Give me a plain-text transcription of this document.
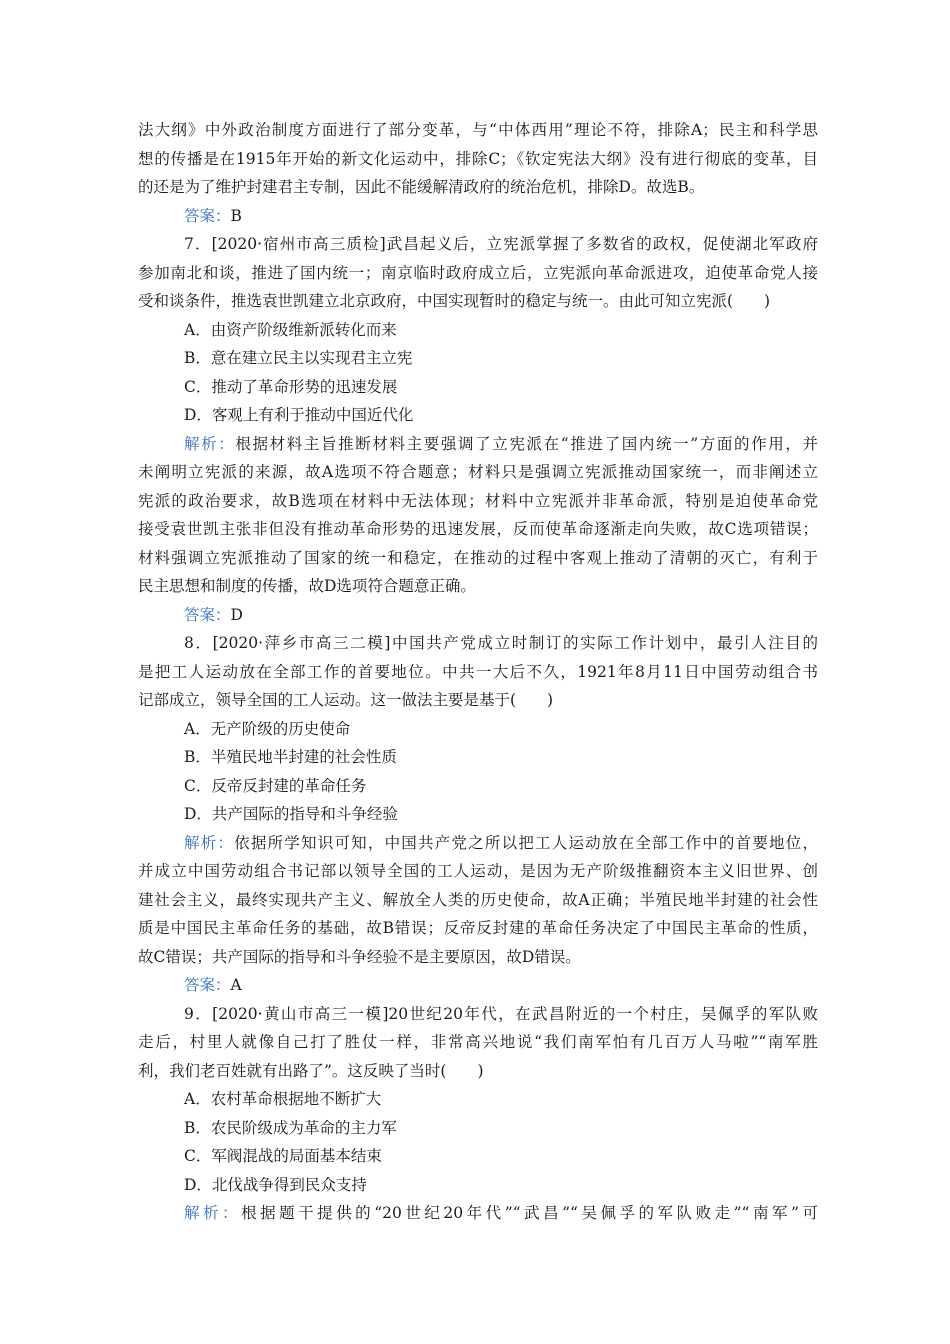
法大纲》中外政治制度方面进行了部分变革，与“中体西用”理论不符，排除A；民主和科学思
想的传播是在1915年开始的新文化运动中，排除C；《钦定宪法大纲》没有进行彻底的变革，目
的还是为了维护封建君主专制，因此不能缓解清政府的统治危机，排除D。故选B。
答案：B
7．[2020·宿州市高三质检]武昌起义后，立宪派掌握了多数省的政权，促使湖北军政府
参加南北和谈，推进了国内统一；南京临时政府成立后，立宪派向革命派进攻，迫使革命党人接
受和谈条件，推选袁世凯建立北京政府，中国实现暂时的稳定与统一。由此可知立宪派(　　)
A．由资产阶级维新派转化而来
B．意在建立民主以实现君主立宪
C．推动了革命形势的迅速发展
D．客观上有利于推动中国近代化
解析：根据材料主旨推断材料主要强调了立宪派在“推进了国内统一”方面的作用，并
未阐明立宪派的来源，故A选项不符合题意；材料只是强调立宪派推动国家统一，而非阐述立
宪派的政治要求，故B选项在材料中无法体现；材料中立宪派并非革命派，特别是迫使革命党
接受袁世凯主张非但没有推动革命形势的迅速发展，反而使革命逐渐走向失败，故C选项错误；
材料强调立宪派推动了国家的统一和稳定，在推动的过程中客观上推动了清朝的灭亡，有利于
民主思想和制度的传播，故D选项符合题意正确。
答案：D
8．[2020·萍乡市高三二模]中国共产党成立时制订的实际工作计划中，最引人注目的
是把工人运动放在全部工作的首要地位。中共一大后不久，1921年8月11日中国劳动组合书
记部成立，领导全国的工人运动。这一做法主要是基于(　　)
A．无产阶级的历史使命
B．半殖民地半封建的社会性质
C．反帝反封建的革命任务
D．共产国际的指导和斗争经验
解析：依据所学知识可知，中国共产党之所以把工人运动放在全部工作中的首要地位，
并成立中国劳动组合书记部以领导全国的工人运动，是因为无产阶级推翻资本主义旧世界、创
建社会主义，最终实现共产主义、解放全人类的历史使命，故A正确；半殖民地半封建的社会性
质是中国民主革命任务的基础，故B错误；反帝反封建的革命任务决定了中国民主革命的性质，
故C错误；共产国际的指导和斗争经验不是主要原因，故D错误。
答案：A
9．[2020·黄山市高三一模]20世纪20年代，在武昌附近的一个村庄，吴佩孚的军队败
走后，村里人就像自己打了胜仗一样，非常高兴地说“我们南军怕有几百万人马啦”“南军胜
利，我们老百姓就有出路了”。这反映了当时(　　)
A．农村革命根据地不断扩大
B．农民阶级成为革命的主力军
C．军阀混战的局面基本结束
D．北伐战争得到民众支持
解析：根据题干提供的“20世纪20年代”“武昌”“吴佩孚的军队败走”“南军”可
